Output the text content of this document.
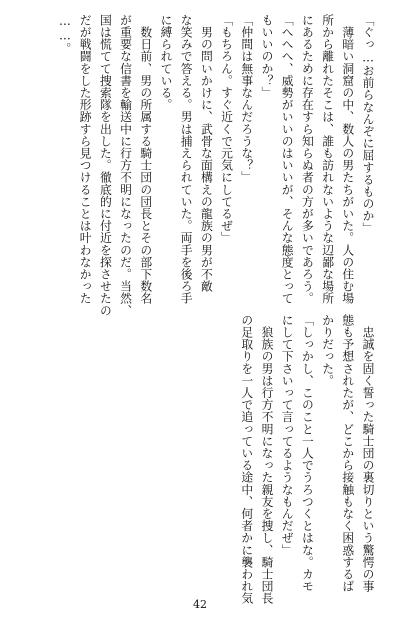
「ぐっ…お前らなんぞに屈するものか」
　薄暗い洞窟の中、数人の男たちがいた。人の住む場
所から離れたそこは、誰も訪れないような辺鄙な場所
にあるために存在すら知らぬ者の方が多いであろう。
「へへへ、威勢がいいのはいいが、そんな態度とって
もいいのか？」
「仲間は無事なんだろうな？」
「もちろん。すぐ近くで元気にしてるぜ」
　男の問いかけに、武骨な面構えの龍族の男が不敵
な笑みで答える。男は捕えられていた。両手を後ろ手
に縛られている。
　数日前、男の所属する騎士団の団長とその部下数名
が重要な信書を輸送中に行方不明になったのだ。当然、
国は慌てて捜索隊を出した。徹底的に付近を探させたの
だが戦闘をした形跡すら見つけることは叶わなかった
……。
　忠誠を固く誓った騎士団の裏切りという驚愕の事
態も予想されたが、どこから接触もなく困惑するば
かりだった。
「しっかし、このこと一人でうろつくとはな。カモ
にして下さいって言ってるようなもんだぜ」
　狼族の男は行方不明になった親友を捜し、騎士団長
の足取りを一人で追っている途中、何者かに襲われ気
42
